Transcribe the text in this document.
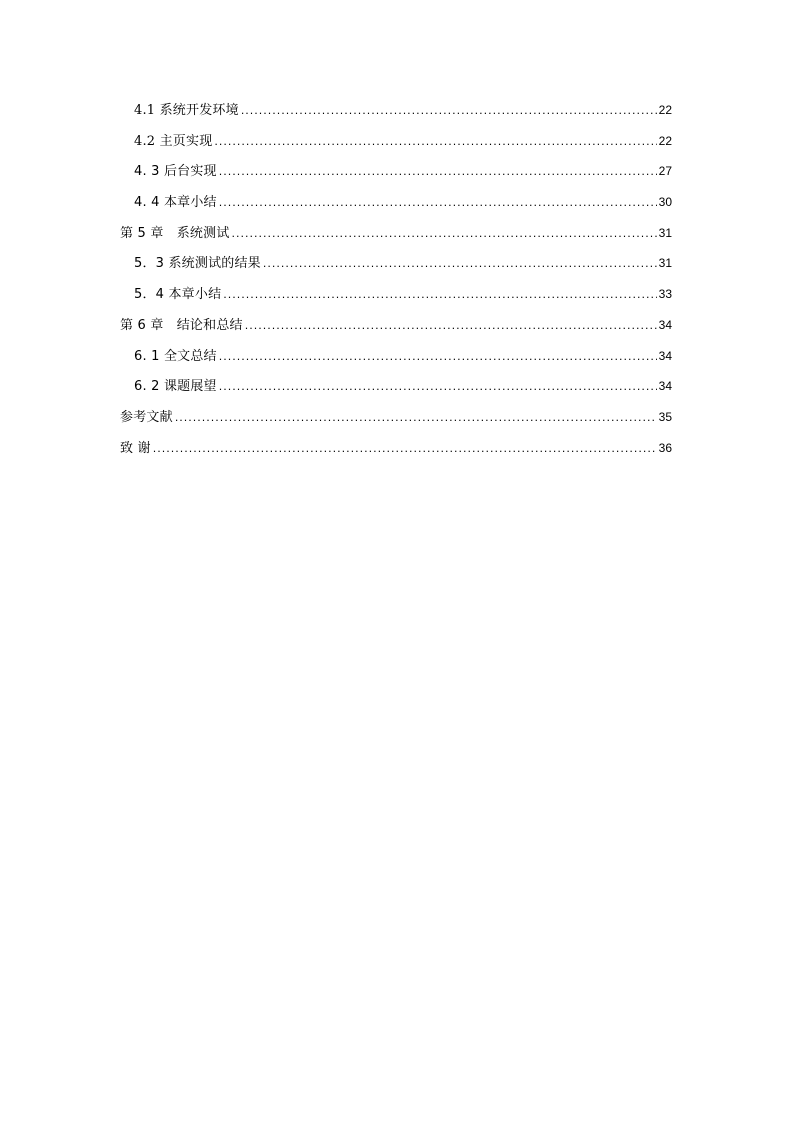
4.1 系统开发环境 .....	22
4.2 主页实现 .....	22
4. 3 后台实现 .....	27
4. 4 本章小结 .....	30
第 5 章　系统测试 .....	31
5．3 系统测试的结果 .....	31
5．4 本章小结 .....	33
第 6 章　结论和总结 .....	34
6. 1 全文总结 .....	34
6. 2 课题展望 .....	34
参考文献 .....	35
致 谢 .....	36
